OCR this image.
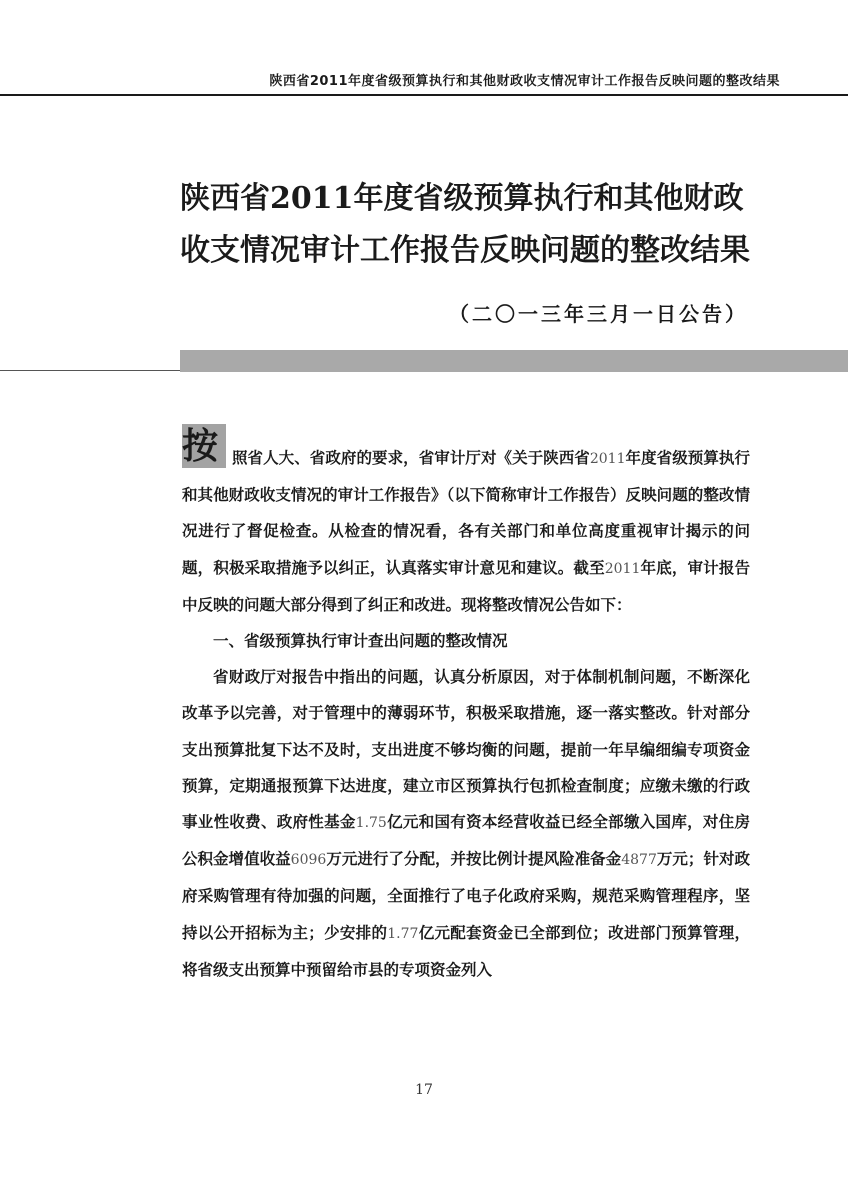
陕西省2011年度省级预算执行和其他财政收支情况审计工作报告反映问题的整改结果
陕西省2011年度省级预算执行和其他财政
收支情况审计工作报告反映问题的整改结果
（二〇一三年三月一日公告）

按 照省人大、省政府的要求，省审计厅对《关于陕西省2011年度省级预算执行和其他财政收支情况的审计工作报告》（以下简称审计工作报告）反映问题的整改情况进行了督促检查。从检查的情况看，各有关部门和单位高度重视审计揭示的问题，积极采取措施予以纠正，认真落实审计意见和建议。截至2011年底，审计报告中反映的问题大部分得到了纠正和改进。现将整改情况公告如下：

一、省级预算执行审计查出问题的整改情况

省财政厅对报告中指出的问题，认真分析原因，对于体制机制问题，不断深化改革予以完善，对于管理中的薄弱环节，积极采取措施，逐一落实整改。针对部分支出预算批复下达不及时，支出进度不够均衡的问题，提前一年早编细编专项资金预算，定期通报预算下达进度，建立市区预算执行包抓检查制度；应缴未缴的行政事业性收费、政府性基金1.75亿元和国有资本经营收益已经全部缴入国库，对住房公积金增值收益6096万元进行了分配，并按比例计提风险准备金4877万元；针对政府采购管理有待加强的问题，全面推行了电子化政府采购，规范采购管理程序，坚持以公开招标为主；少安排的1.77亿元配套资金已全部到位；改进部门预算管理，将省级支出预算中预留给市县的专项资金列入

17
